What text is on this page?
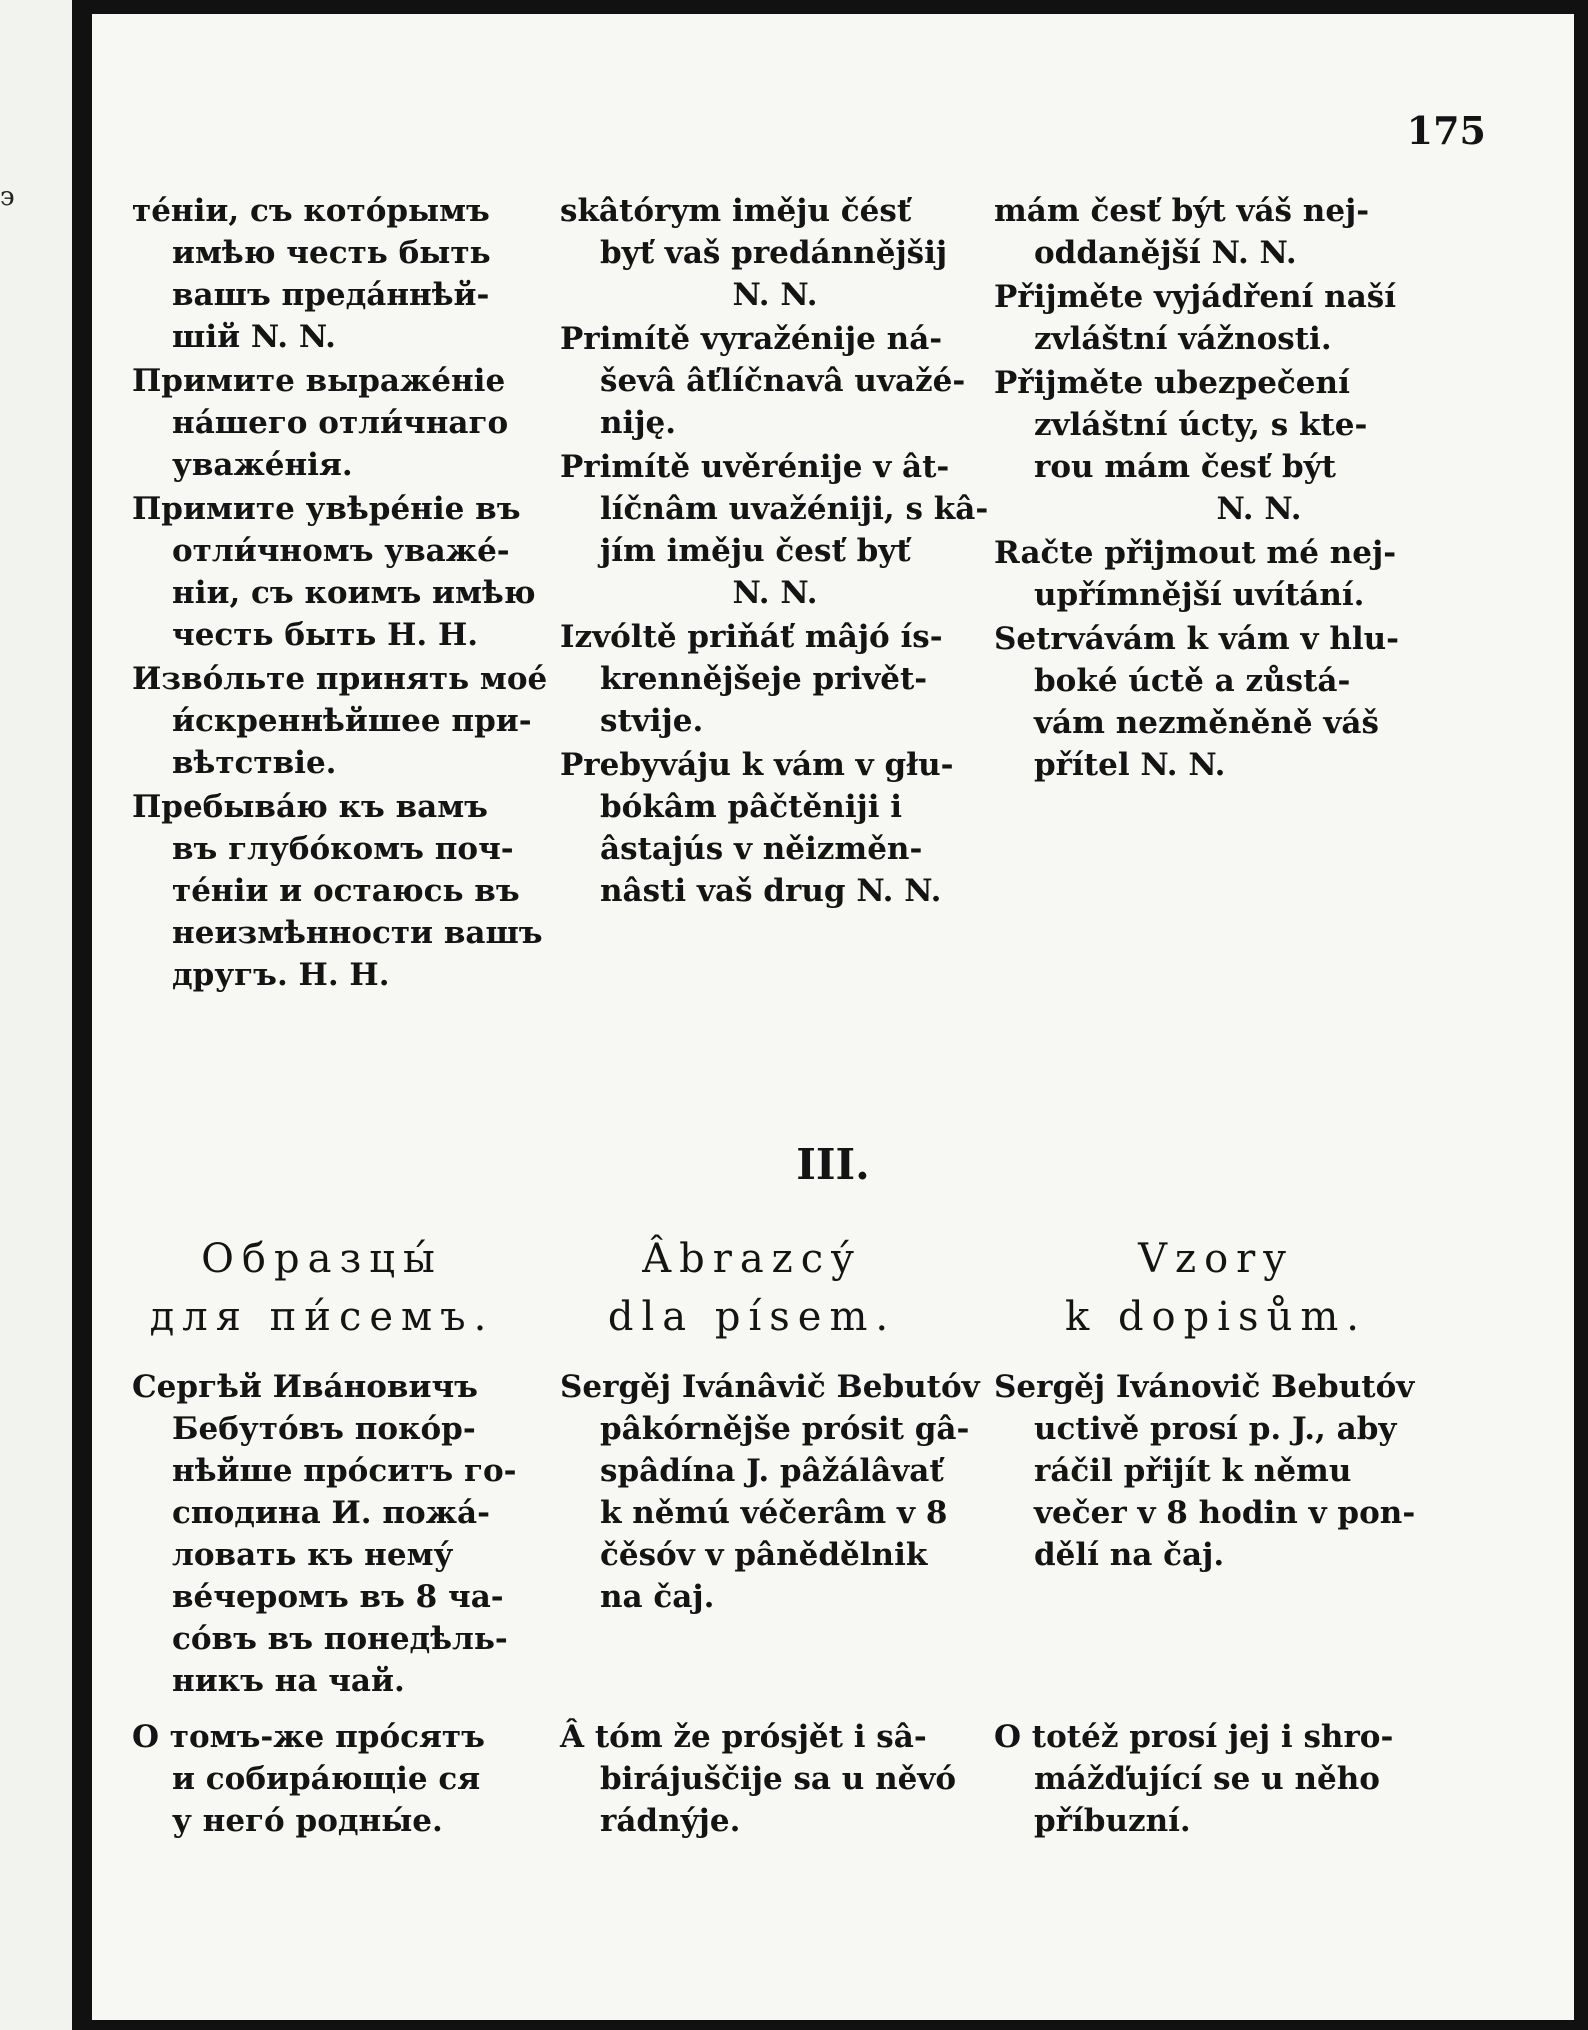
э
175
тéніи, съ котóрымъ
имѣю честь быть
вашъ предáннѣй-
шій N. N.
Примите выражéніе
нáшего отли́чнаго
уважéнія.
Примите увѣрéніе въ
отли́чномъ уважé-
ніи, съ коимъ имѣю
честь быть Н. Н.
Извóльте принять моé
и́скреннѣйшее при-
вѣтствіе.
Пребывáю къ вамъ
въ глубóкомъ поч-
тéніи и остаюсь въ
неизмѣнности вашъ
другъ. Н. Н.
skâtórym iměju čésť
byť vaš predánnějšij
N. N.
Primítě vyražénije ná-
ševâ âťlíčnavâ uvažé-
niję.
Primítě uvěrénije v ât-
líčnâm uvažéniji, s kâ-
jím iměju česť byť
N. N.
Izvóltě priňáť mâjó ís-
krennějšeje privět-
stvije.
Prebyváju k vám v głu-
bókâm pâčtěniji i
âstajús v něizměn-
nâsti vaš drug N. N.
mám česť být váš nej-
oddanější N. N.
Přijměte vyjádření naší
zvláštní vážnosti.
Přijměte ubezpečení
zvláštní úcty, s kte-
rou mám česť být
N. N.
Račte přijmout mé nej-
upřímnější uvítání.
Setrvávám k vám v hlu-
boké úctě a zůstá-
vám nezměněně váš
přítel N. N.
III.
Образцы́
для пи́семъ.
Âbrazcý
dla písem.
Vzory
k dopisům.
Сергѣй Ивáновичъ
Бебутóвъ покóр-
нѣйше прóситъ го-
сподина И. пожá-
ловать къ нему́
вéчеромъ въ 8 ча-
сóвъ въ понедѣль-
никъ на чай.
О томъ-же прóсятъ
и собирáющіе ся
у негó родны́е.
Sergěj Ivánâvič Bebutóv
pâkórnějše prósit gâ-
spâdína J. pâžálâvať
k němú véčerâm v 8
čěsóv v pânědělnik
na čaj.
Â tóm že prósjět i sâ-
birájuščije sa u něvó
rádnýje.
Sergěj Ivánovič Bebutóv
uctivě prosí p. J., aby
ráčil přijít k němu
večer v 8 hodin v pon-
dělí na čaj.
O totéž prosí jej i shro-
mážďující se u něho
příbuzní.
